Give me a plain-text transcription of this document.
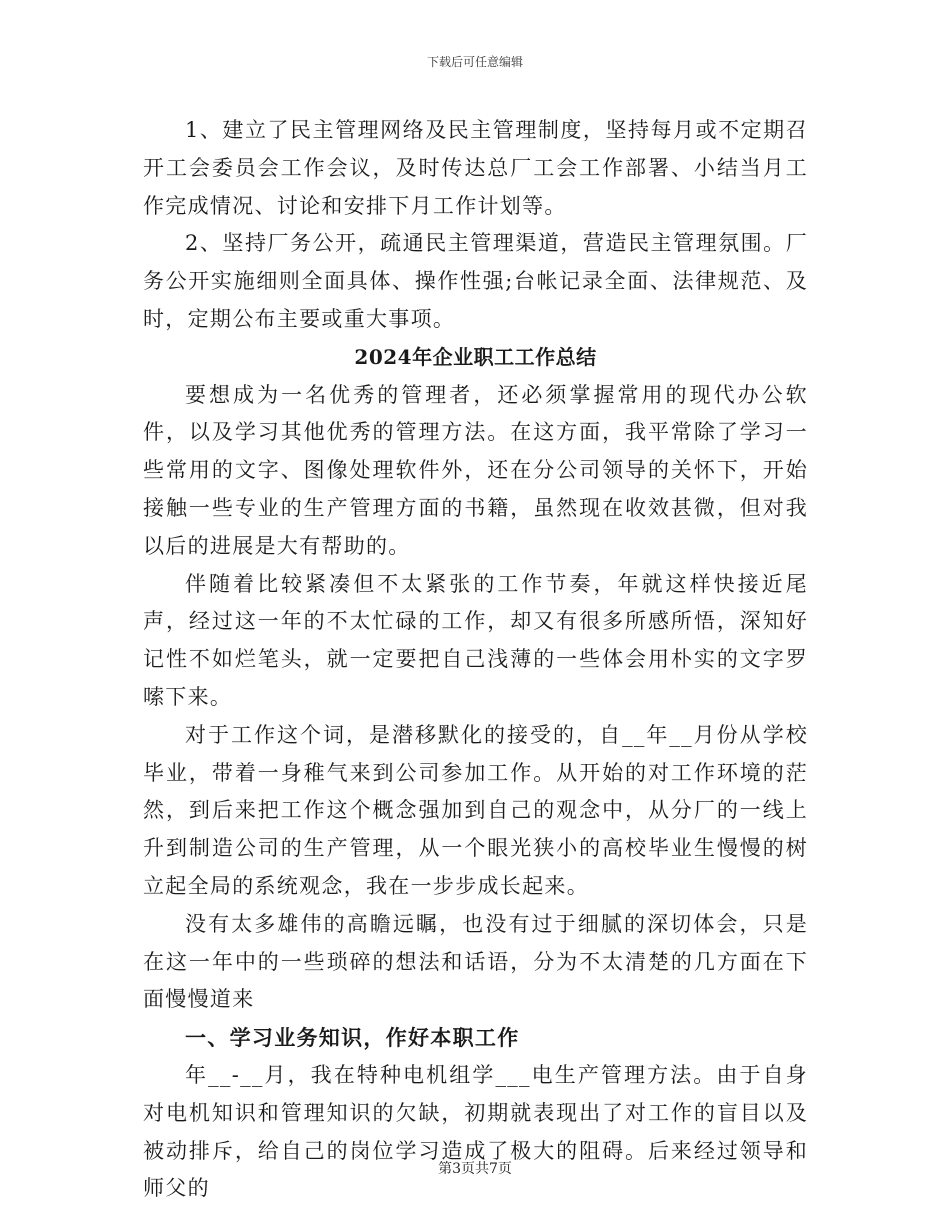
下载后可任意编辑

1、建立了民主管理网络及民主管理制度，坚持每月或不定期召开工会委员会工作会议，及时传达总厂工会工作部署、小结当月工作完成情况、讨论和安排下月工作计划等。

2、坚持厂务公开，疏通民主管理渠道，营造民主管理氛围。厂务公开实施细则全面具体、操作性强;台帐记录全面、法律规范、及时，定期公布主要或重大事项。

2024年企业职工工作总结

要想成为一名优秀的管理者，还必须掌握常用的现代办公软件，以及学习其他优秀的管理方法。在这方面，我平常除了学习一些常用的文字、图像处理软件外，还在分公司领导的关怀下，开始接触一些专业的生产管理方面的书籍，虽然现在收效甚微，但对我以后的进展是大有帮助的。

伴随着比较紧凑但不太紧张的工作节奏，年就这样快接近尾声，经过这一年的不太忙碌的工作，却又有很多所感所悟，深知好记性不如烂笔头，就一定要把自己浅薄的一些体会用朴实的文字罗嗦下来。

对于工作这个词，是潜移默化的接受的，自__年__月份从学校毕业，带着一身稚气来到公司参加工作。从开始的对工作环境的茫然，到后来把工作这个概念强加到自己的观念中，从分厂的一线上升到制造公司的生产管理，从一个眼光狭小的高校毕业生慢慢的树立起全局的系统观念，我在一步步成长起来。

没有太多雄伟的高瞻远瞩，也没有过于细腻的深切体会，只是在这一年中的一些琐碎的想法和话语，分为不太清楚的几方面在下面慢慢道来

一、学习业务知识，作好本职工作

年__-__月，我在特种电机组学___电生产管理方法。由于自身对电机知识和管理知识的欠缺，初期就表现出了对工作的盲目以及被动排斥，给自己的岗位学习造成了极大的阻碍。后来经过领导和师父的

第3页共7页
